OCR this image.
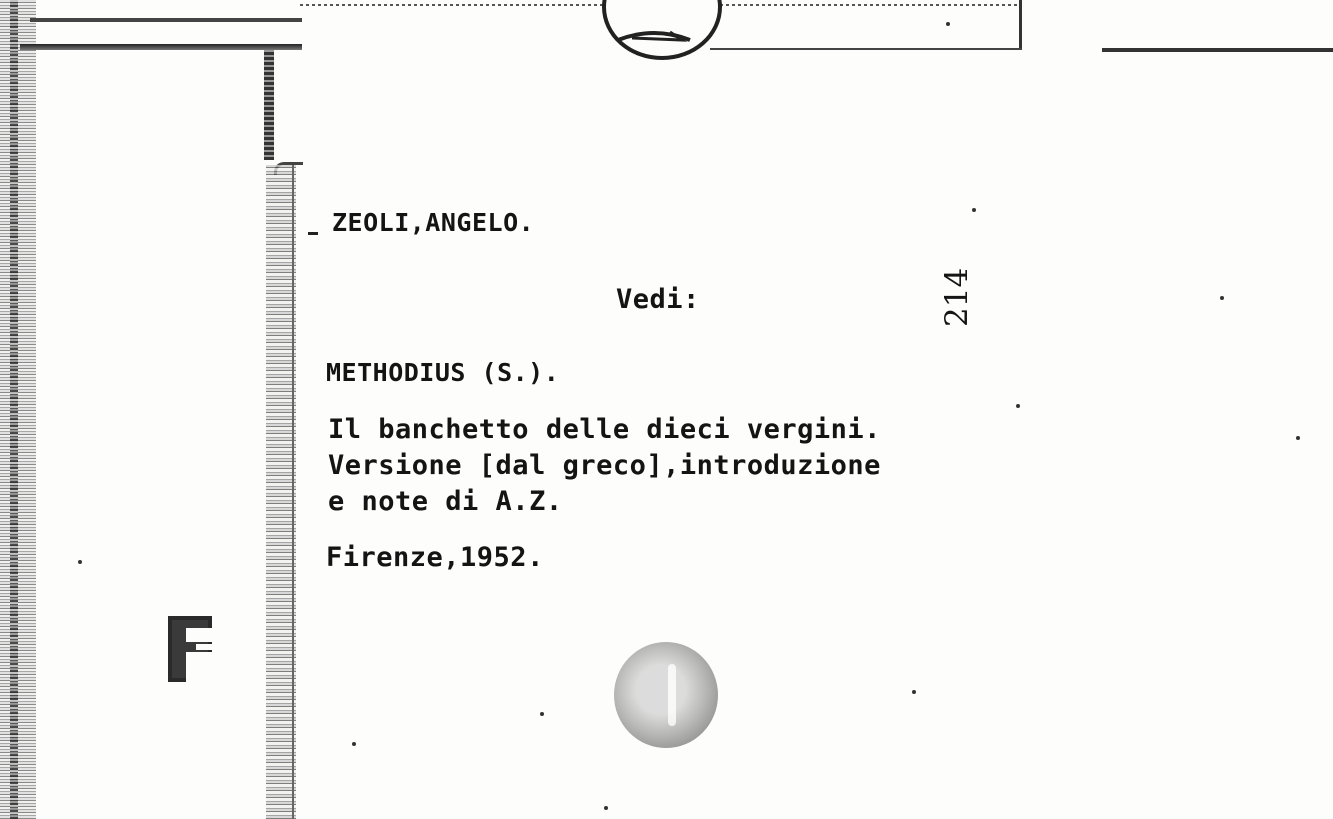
ZEOLI,ANGELO.
Vedi:	214
METHODIUS (S.).
Il banchetto delle dieci vergini.
Versione [dal greco],introduzione
e note di A.Z.
Firenze,1952.
